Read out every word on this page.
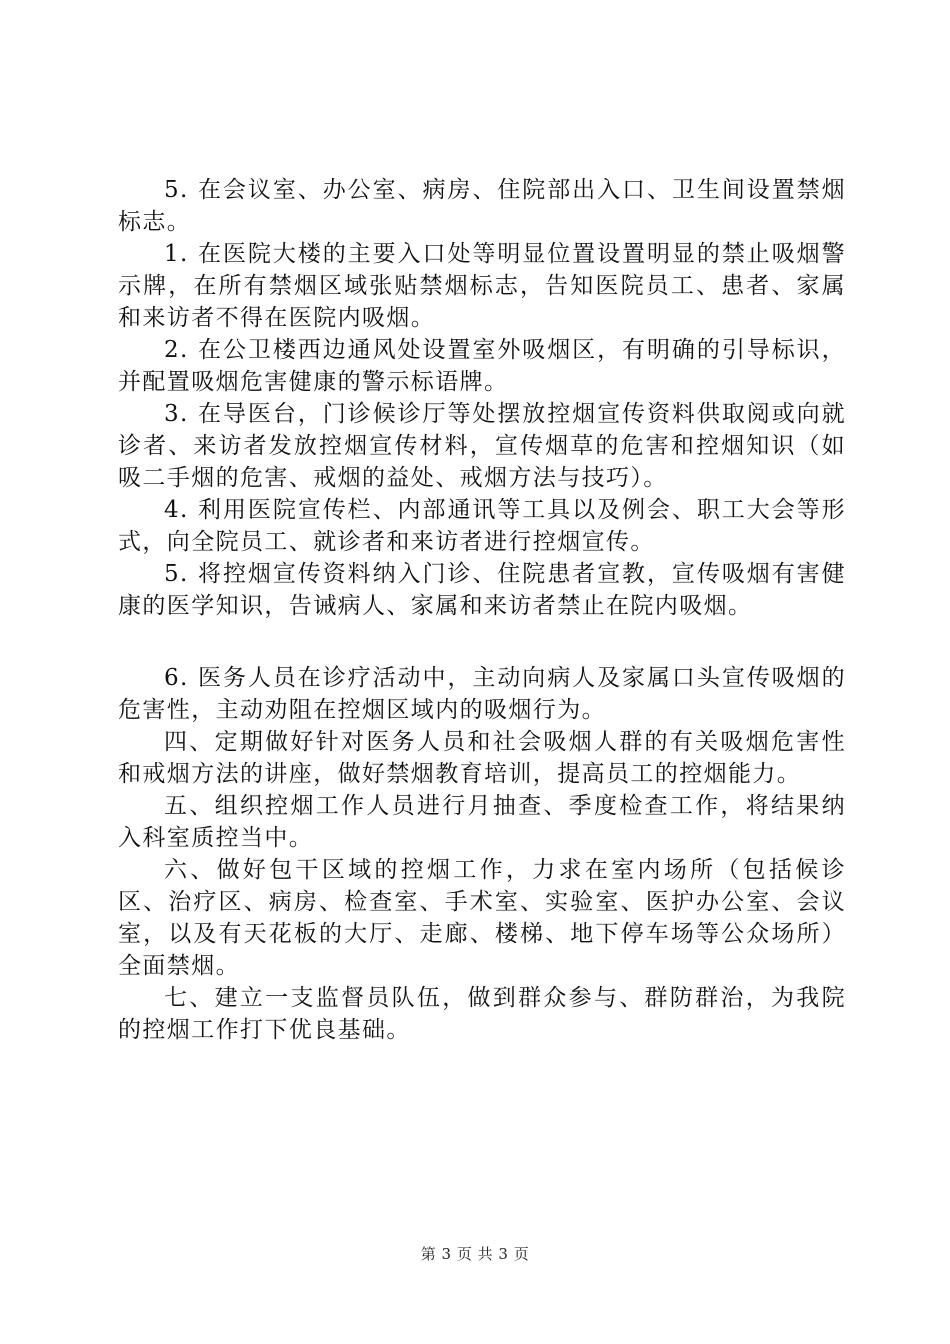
5. 在会议室、办公室、病房、住院部出入口、卫生间设置禁烟标志。

1. 在医院大楼的主要入口处等明显位置设置明显的禁止吸烟警示牌，在所有禁烟区域张贴禁烟标志，告知医院员工、患者、家属和来访者不得在医院内吸烟。

2. 在公卫楼西边通风处设置室外吸烟区，有明确的引导标识，并配置吸烟危害健康的警示标语牌。

3. 在导医台，门诊候诊厅等处摆放控烟宣传资料供取阅或向就诊者、来访者发放控烟宣传材料，宣传烟草的危害和控烟知识（如吸二手烟的危害、戒烟的益处、戒烟方法与技巧）。

4. 利用医院宣传栏、内部通讯等工具以及例会、职工大会等形式，向全院员工、就诊者和来访者进行控烟宣传。

5. 将控烟宣传资料纳入门诊、住院患者宣教，宣传吸烟有害健康的医学知识，告诫病人、家属和来访者禁止在院内吸烟。

6. 医务人员在诊疗活动中，主动向病人及家属口头宣传吸烟的危害性，主动劝阻在控烟区域内的吸烟行为。

四、定期做好针对医务人员和社会吸烟人群的有关吸烟危害性和戒烟方法的讲座，做好禁烟教育培训，提高员工的控烟能力。

五、组织控烟工作人员进行月抽查、季度检查工作，将结果纳入科室质控当中。

六、做好包干区域的控烟工作，力求在室内场所（包括候诊区、治疗区、病房、检查室、手术室、实验室、医护办公室、会议室，以及有天花板的大厅、走廊、楼梯、地下停车场等公众场所）全面禁烟。

七、建立一支监督员队伍，做到群众参与、群防群治，为我院的控烟工作打下优良基础。

第 3 页 共 3 页
